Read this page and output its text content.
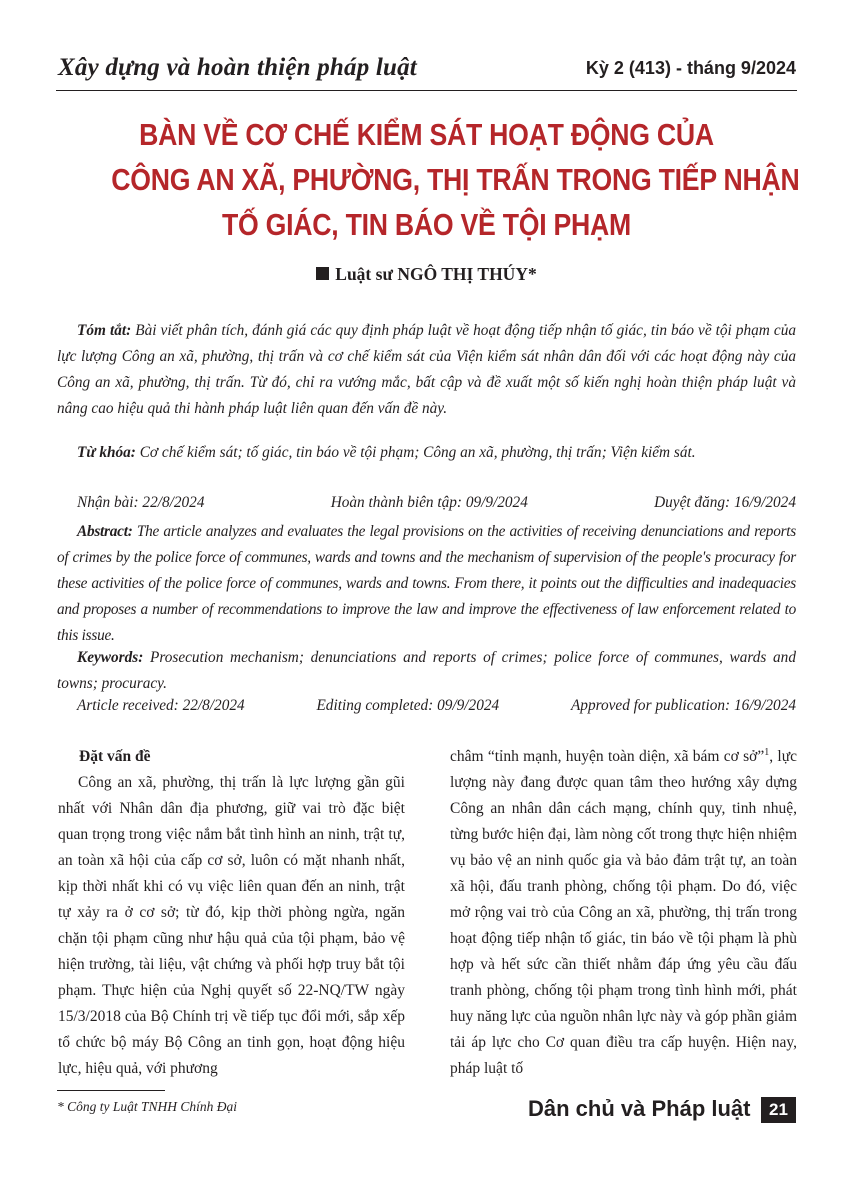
Xây dựng và hoàn thiện pháp luật	Kỳ 2 (413) - tháng 9/2024
BÀN VỀ CƠ CHẾ KIỂM SÁT HOẠT ĐỘNG CỦA
CÔNG AN XÃ, PHƯỜNG, THỊ TRẤN TRONG TIẾP NHẬN
TỐ GIÁC, TIN BÁO VỀ TỘI PHẠM
Luật sư NGÔ THỊ THÚY*
Tóm tắt: Bài viết phân tích, đánh giá các quy định pháp luật về hoạt động tiếp nhận tố giác, tin báo về tội phạm của lực lượng Công an xã, phường, thị trấn và cơ chế kiểm sát của Viện kiểm sát nhân dân đối với các hoạt động này của Công an xã, phường, thị trấn. Từ đó, chỉ ra vướng mắc, bất cập và đề xuất một số kiến nghị hoàn thiện pháp luật và nâng cao hiệu quả thi hành pháp luật liên quan đến vấn đề này.
Từ khóa: Cơ chế kiểm sát; tố giác, tin báo về tội phạm; Công an xã, phường, thị trấn; Viện kiểm sát.
Nhận bài: 22/8/2024	Hoàn thành biên tập: 09/9/2024	Duyệt đăng: 16/9/2024
Abstract: The article analyzes and evaluates the legal provisions on the activities of receiving denunciations and reports of crimes by the police force of communes, wards and towns and the mechanism of supervision of the people's procuracy for these activities of the police force of communes, wards and towns. From there, it points out the difficulties and inadequacies and proposes a number of recommendations to improve the law and improve the effectiveness of law enforcement related to this issue.
Keywords: Prosecution mechanism; denunciations and reports of crimes; police force of communes, wards and towns; procuracy.
Article received: 22/8/2024	Editing completed: 09/9/2024	Approved for publication: 16/9/2024
Đặt vấn đề

Công an xã, phường, thị trấn là lực lượng gần gũi nhất với Nhân dân địa phương, giữ vai trò đặc biệt quan trọng trong việc nắm bắt tình hình an ninh, trật tự, an toàn xã hội của cấp cơ sở, luôn có mặt nhanh nhất, kịp thời nhất khi có vụ việc liên quan đến an ninh, trật tự xảy ra ở cơ sở; từ đó, kịp thời phòng ngừa, ngăn chặn tội phạm cũng như hậu quả của tội phạm, bảo vệ hiện trường, tài liệu, vật chứng và phối hợp truy bắt tội phạm. Thực hiện của Nghị quyết số 22-NQ/TW ngày 15/3/2018 của Bộ Chính trị về tiếp tục đổi mới, sắp xếp tổ chức bộ máy Bộ Công an tinh gọn, hoạt động hiệu lực, hiệu quả, với phương

châm “tỉnh mạnh, huyện toàn diện, xã bám cơ sở”$^1$, lực lượng này đang được quan tâm theo hướng xây dựng Công an nhân dân cách mạng, chính quy, tinh nhuệ, từng bước hiện đại, làm nòng cốt trong thực hiện nhiệm vụ bảo vệ an ninh quốc gia và bảo đảm trật tự, an toàn xã hội, đấu tranh phòng, chống tội phạm. Do đó, việc mở rộng vai trò của Công an xã, phường, thị trấn trong hoạt động tiếp nhận tố giác, tin báo về tội phạm là phù hợp và hết sức cần thiết nhằm đáp ứng yêu cầu đấu tranh phòng, chống tội phạm trong tình hình mới, phát huy năng lực của nguồn nhân lực này và góp phần giảm tải áp lực cho Cơ quan điều tra cấp huyện. Hiện nay, pháp luật tố

* Công ty Luật TNHH Chính Đại	Dân chủ và Pháp luật	21
